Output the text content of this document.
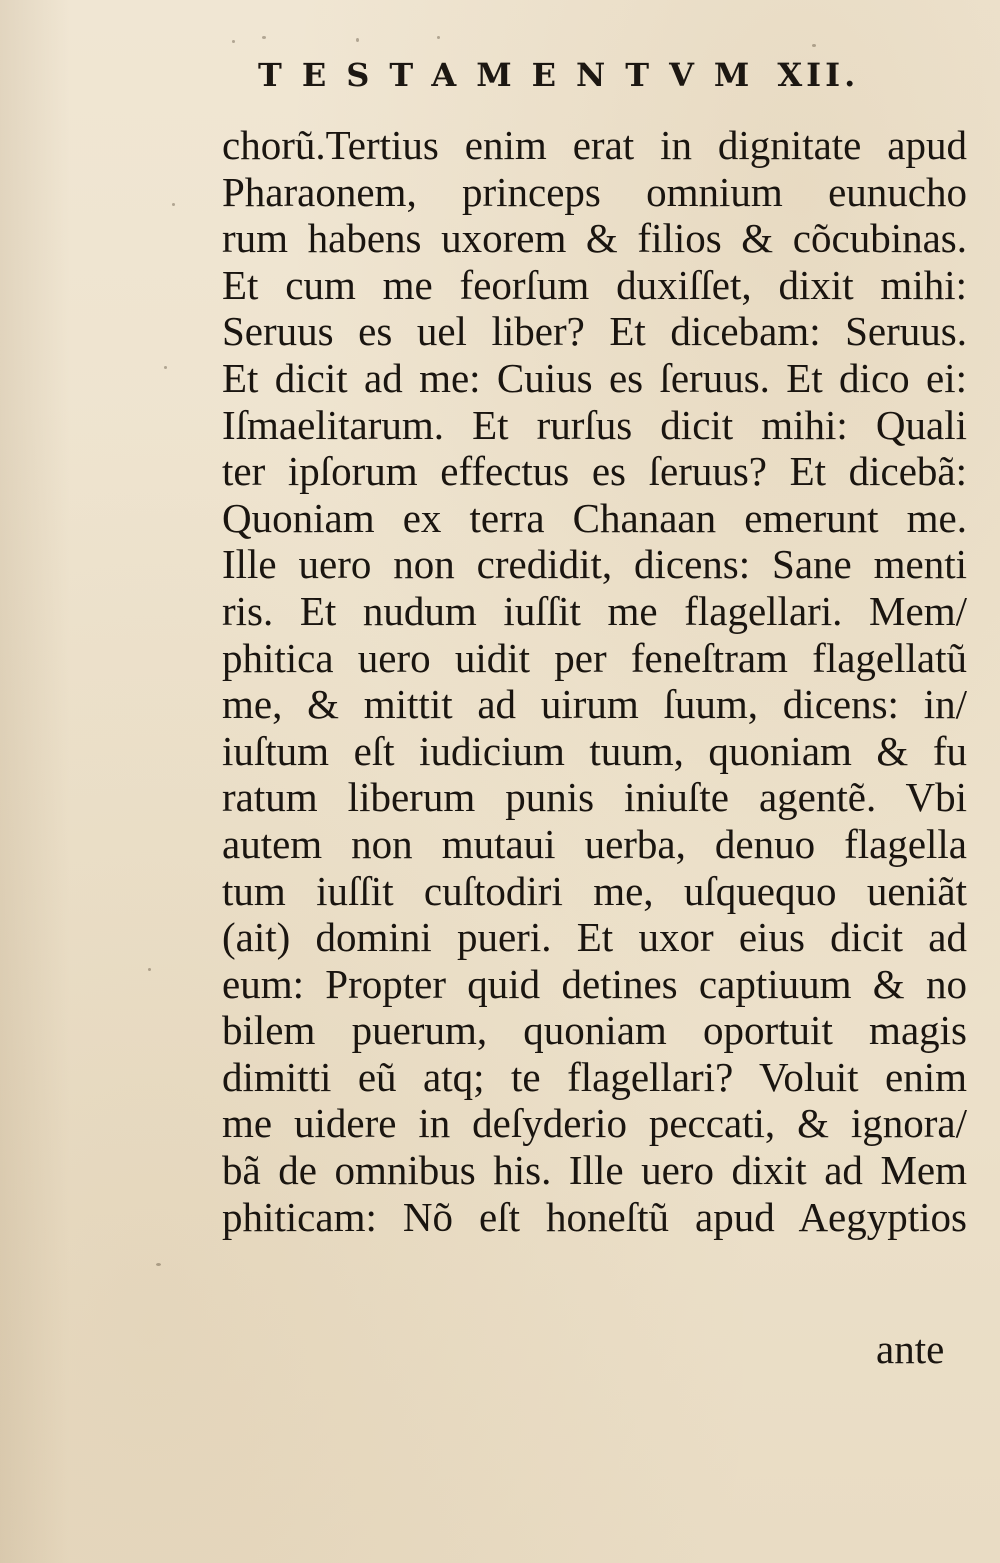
TESTAMENTVM XII.
chorũ.Tertius enim erat in dignitate apud
Pharaonem, princeps omnium eunucho
rum habens uxorem & filios & cõcubinas.
Et cum me feorſum duxiſſet, dixit mihi:
Seruus es uel liber? Et dicebam: Seruus.
Et dicit ad me: Cuius es ſeruus. Et dico ei:
Iſmaelitarum. Et rurſus dicit mihi: Quali
ter ipſorum effectus es ſeruus? Et dicebã:
Quoniam ex terra Chanaan emerunt me.
Ille uero non credidit, dicens: Sane menti
ris. Et nudum iuſſit me flagellari. Mem/
phitica uero uidit per feneſtram flagellatũ
me, & mittit ad uirum ſuum, dicens: in/
iuſtum eſt iudicium tuum, quoniam & fu
ratum liberum punis iniuſte agentẽ. Vbi
autem non mutaui uerba, denuo flagella
tum iuſſit cuſtodiri me, uſquequo ueniãt
(ait) domini pueri. Et uxor eius dicit ad
eum: Propter quid detines captiuum & no
bilem puerum, quoniam oportuit magis
dimitti eũ atq; te flagellari? Voluit enim
me uidere in deſyderio peccati, & ignora/
bã de omnibus his. Ille uero dixit ad Mem
phiticam: Nõ eſt honeſtũ apud Aegyptios
ante
